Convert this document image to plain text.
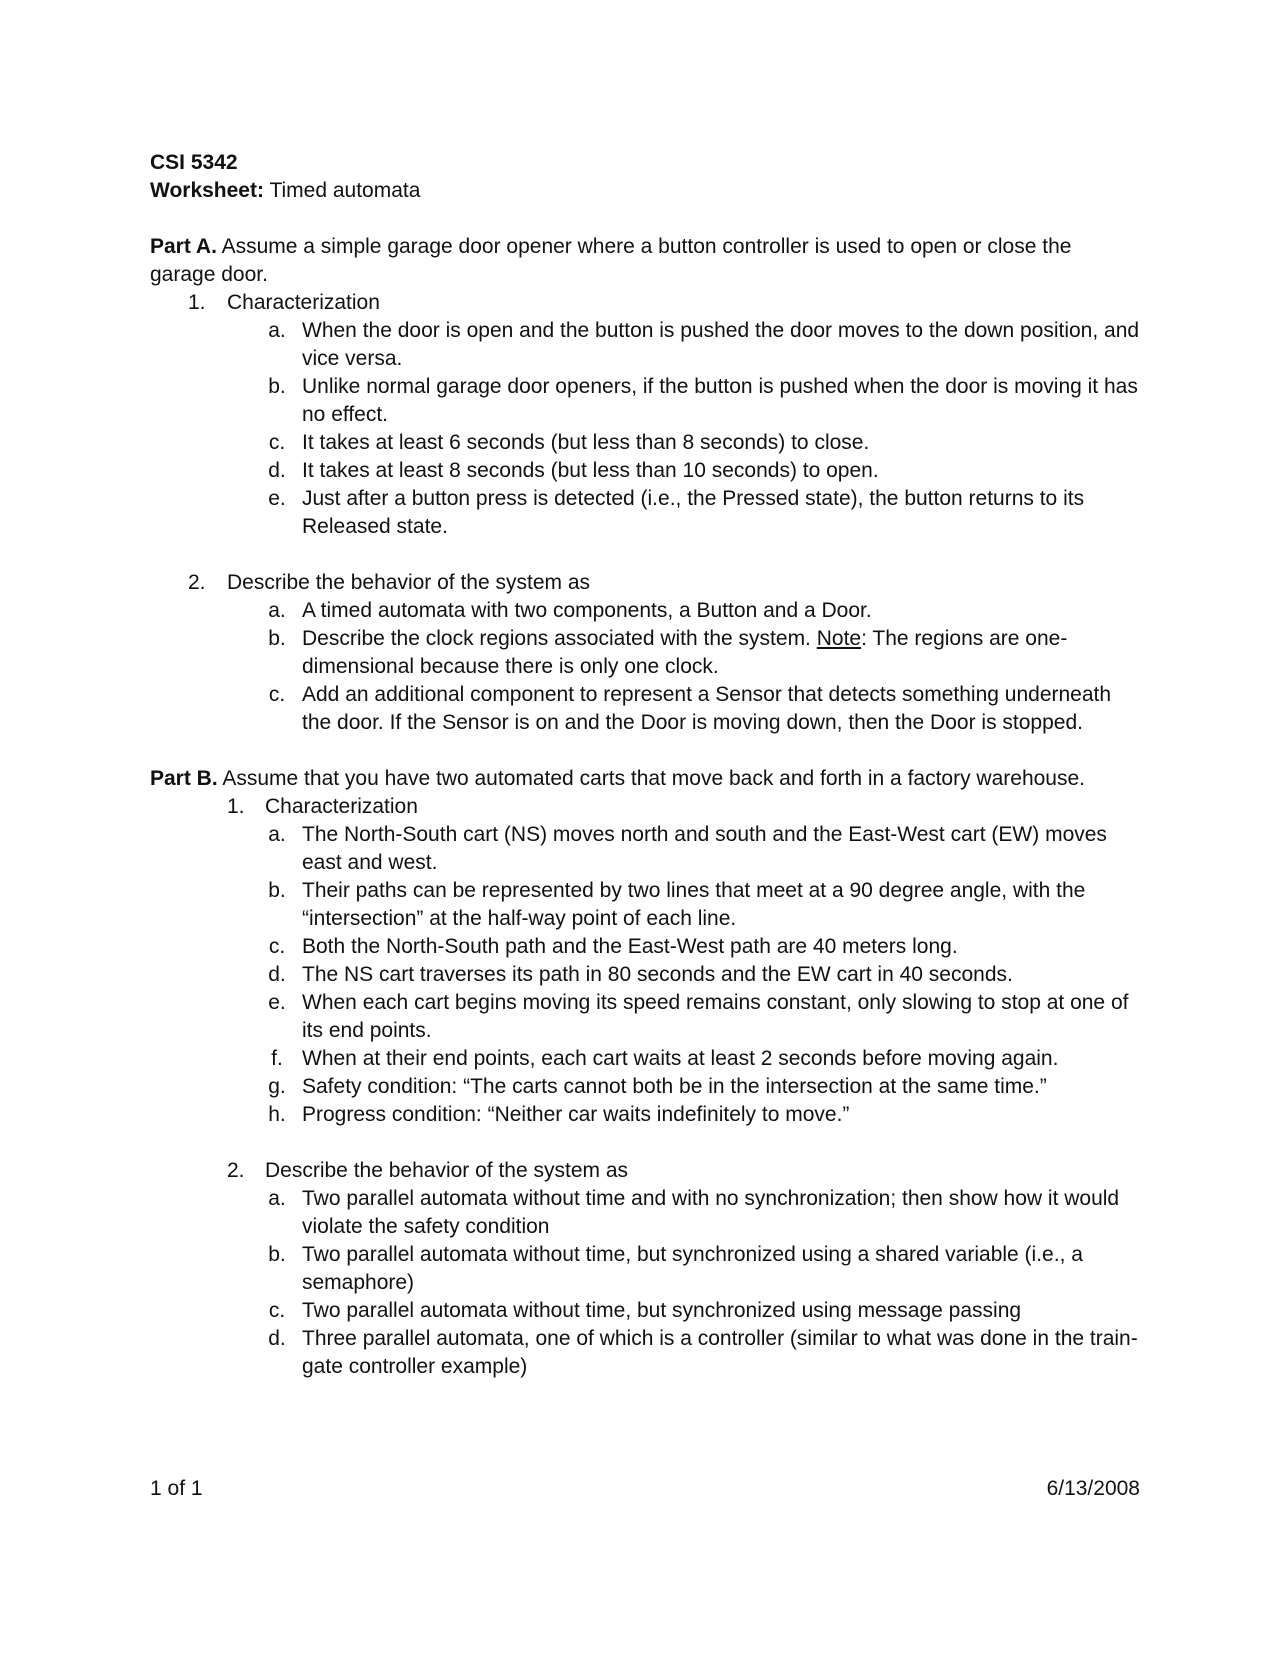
CSI 5342

Worksheet: Timed automata

Part A. Assume a simple garage door opener where a button controller is used to open or close the garage door.

1. Characterization
a. When the door is open and the button is pushed the door moves to the down position, and vice versa.
b. Unlike normal garage door openers, if the button is pushed when the door is moving it has no effect.
c. It takes at least 6 seconds (but less than 8 seconds) to close.
d. It takes at least 8 seconds (but less than 10 seconds) to open.
e. Just after a button press is detected (i.e., the Pressed state), the button returns to its Released state.
2. Describe the behavior of the system as
a. A timed automata with two components, a Button and a Door.
b. Describe the clock regions associated with the system. Note: The regions are one-dimensional because there is only one clock.
c. Add an additional component to represent a Sensor that detects something underneath the door. If the Sensor is on and the Door is moving down, then the Door is stopped.

Part B. Assume that you have two automated carts that move back and forth in a factory warehouse.

1. Characterization
a. The North-South cart (NS) moves north and south and the East-West cart (EW) moves east and west.
b. Their paths can be represented by two lines that meet at a 90 degree angle, with the “intersection” at the half-way point of each line.
c. Both the North-South path and the East-West path are 40 meters long.
d. The NS cart traverses its path in 80 seconds and the EW cart in 40 seconds.
e. When each cart begins moving its speed remains constant, only slowing to stop at one of its end points.
f. When at their end points, each cart waits at least 2 seconds before moving again.
g. Safety condition: “The carts cannot both be in the intersection at the same time.”
h. Progress condition: “Neither car waits indefinitely to move.”
2. Describe the behavior of the system as
a. Two parallel automata without time and with no synchronization; then show how it would violate the safety condition
b. Two parallel automata without time, but synchronized using a shared variable (i.e., a semaphore)
c. Two parallel automata without time, but synchronized using message passing
d. Three parallel automata, one of which is a controller (similar to what was done in the train-gate controller example)
1 of 1	6/13/2008
